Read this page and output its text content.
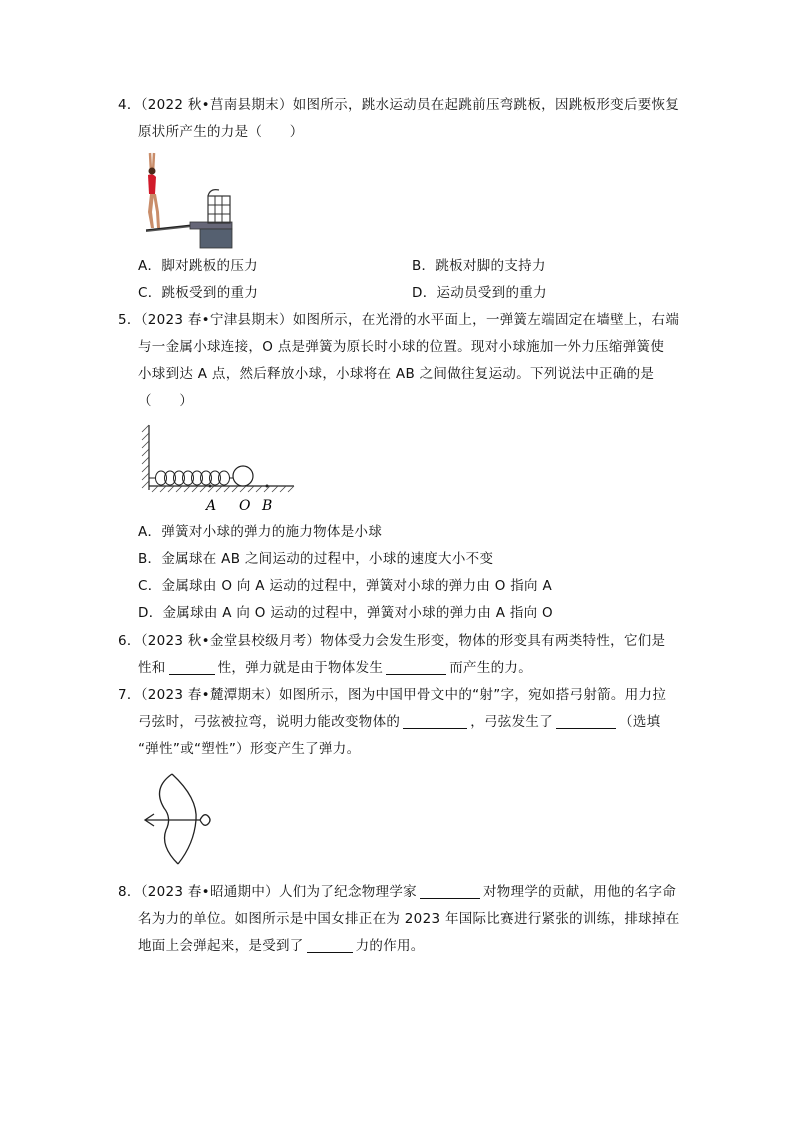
4．（2022 秋•莒南县期末）如图所示，跳水运动员在起跳前压弯跳板，因跳板形变后要恢复
原状所产生的力是（　　）
A．脚对跳板的压力	B．跳板对脚的支持力
C．跳板受到的重力	D．运动员受到的重力
5．（2023 春•宁津县期末）如图所示，在光滑的水平面上，一弹簧左端固定在墙壁上，右端
与一金属小球连接，O 点是弹簧为原长时小球的位置。现对小球施加一外力压缩弹簧使
小球到达 A 点，然后释放小球，小球将在 AB 之间做往复运动。下列说法中正确的是
（　　）
A O B
A．弹簧对小球的弹力的施力物体是小球
B．金属球在 AB 之间运动的过程中，小球的速度大小不变
C．金属球由 O 向 A 运动的过程中，弹簧对小球的弹力由 O 指向 A
D．金属球由 A 向 O 运动的过程中，弹簧对小球的弹力由 A 指向 O
6．（2023 秋•金堂县校级月考）物体受力会发生形变，物体的形变具有两类特性，它们是
性和	性，弹力就是由于物体发生	而产生的力。
7．（2023 春•麓潭期末）如图所示，图为中国甲骨文中的“射”字，宛如搭弓射箭。用力拉
弓弦时，弓弦被拉弯，说明力能改变物体的	，弓弦发生了	（选填
“弹性”或“塑性”）形变产生了弹力。
8．（2023 春•昭通期中）人们为了纪念物理学家	对物理学的贡献，用他的名字命
名为力的单位。如图所示是中国女排正在为 2023 年国际比赛进行紧张的训练，排球掉在
地面上会弹起来，是受到了	力的作用。
